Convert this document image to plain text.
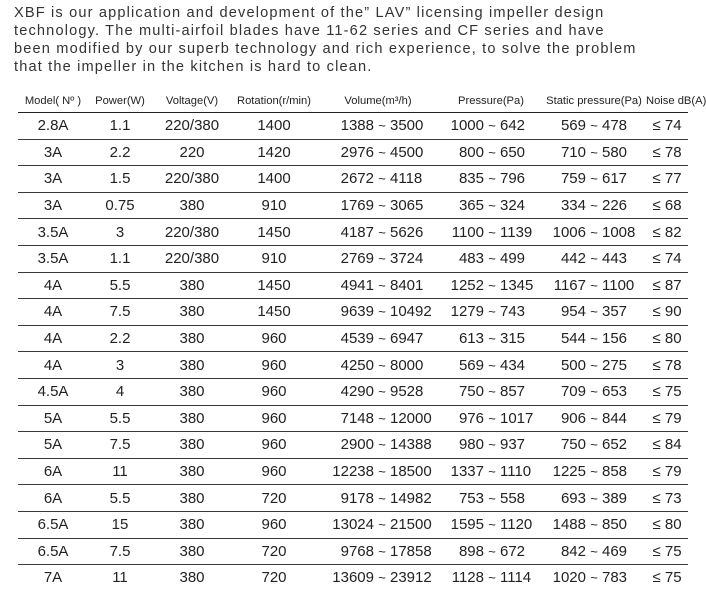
XBF is our application and development of the” LAV” licensing impeller design
technology. The multi-airfoil blades have 11-62 series and CF series and have
been modified by our superb technology and rich experience, to solve the problem
that the impeller in the kitchen is hard to clean.
Model( Nº )	Power(W)	Voltage(V)	Rotation(r/min)	Volume(m³/h)	Pressure(Pa)	Static pressure(Pa)	Noise dB(A)
2.8A	1.1	220/380	1400	1388 ~ 3500	1000 ~ 642	569 ~ 478	≤ 74
3A	2.2	220	1420	2976 ~ 4500	800 ~ 650	710 ~ 580	≤ 78
3A	1.5	220/380	1400	2672 ~ 4118	835 ~ 796	759 ~ 617	≤ 77
3A	0.75	380	910	1769 ~ 3065	365 ~ 324	334 ~ 226	≤ 68
3.5A	3	220/380	1450	4187 ~ 5626	1100 ~ 1139	1006 ~ 1008	≤ 82
3.5A	1.1	220/380	910	2769 ~ 3724	483 ~ 499	442 ~ 443	≤ 74
4A	5.5	380	1450	4941 ~ 8401	1252 ~ 1345	1167 ~ 1100	≤ 87
4A	7.5	380	1450	9639 ~ 10492	1279 ~ 743	954 ~ 357	≤ 90
4A	2.2	380	960	4539 ~ 6947	613 ~ 315	544 ~ 156	≤ 80
4A	3	380	960	4250 ~ 8000	569 ~ 434	500 ~ 275	≤ 78
4.5A	4	380	960	4290 ~ 9528	750 ~ 857	709 ~ 653	≤ 75
5A	5.5	380	960	7148 ~ 12000	976 ~ 1017	906 ~ 844	≤ 79
5A	7.5	380	960	2900 ~ 14388	980 ~ 937	750 ~ 652	≤ 84
6A	11	380	960	12238 ~ 18500	1337 ~ 1110	1225 ~ 858	≤ 79
6A	5.5	380	720	9178 ~ 14982	753 ~ 558	693 ~ 389	≤ 73
6.5A	15	380	960	13024 ~ 21500	1595 ~ 1120	1488 ~ 850	≤ 80
6.5A	7.5	380	720	9768 ~ 17858	898 ~ 672	842 ~ 469	≤ 75
7A	11	380	720	13609 ~ 23912	1128 ~ 1114	1020 ~ 783	≤ 75
